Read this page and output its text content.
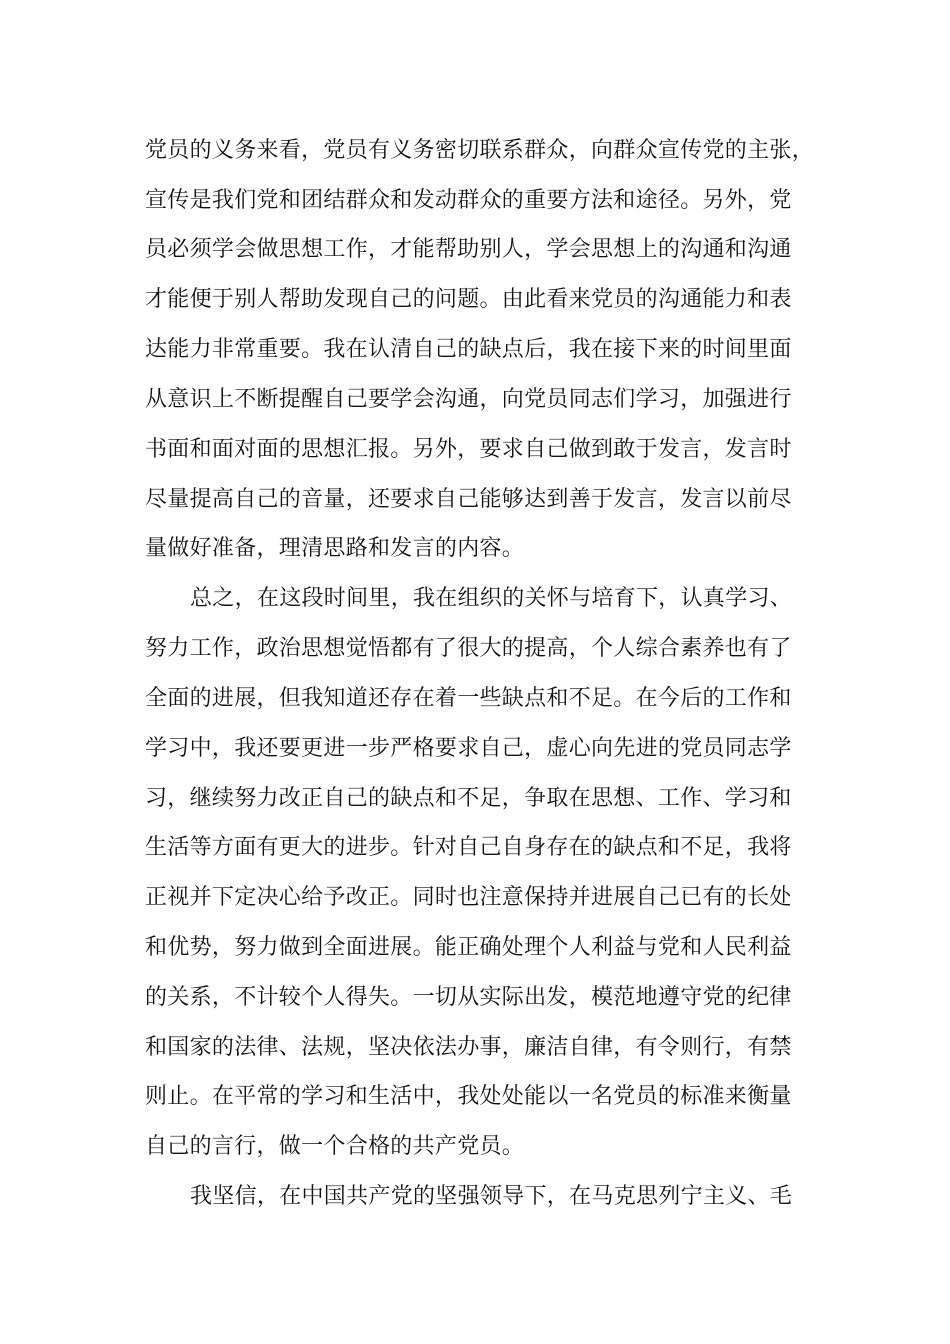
党员的义务来看，党员有义务密切联系群众，向群众宣传党的主张，
宣传是我们党和团结群众和发动群众的重要方法和途径。另外，党
员必须学会做思想工作，才能帮助别人，学会思想上的沟通和沟通
才能便于别人帮助发现自己的问题。由此看来党员的沟通能力和表
达能力非常重要。我在认清自己的缺点后，我在接下来的时间里面
从意识上不断提醒自己要学会沟通，向党员同志们学习，加强进行
书面和面对面的思想汇报。另外，要求自己做到敢于发言，发言时
尽量提高自己的音量，还要求自己能够达到善于发言，发言以前尽
量做好准备，理清思路和发言的内容。
总之，在这段时间里，我在组织的关怀与培育下，认真学习、
努力工作，政治思想觉悟都有了很大的提高，个人综合素养也有了
全面的进展，但我知道还存在着一些缺点和不足。在今后的工作和
学习中，我还要更进一步严格要求自己，虚心向先进的党员同志学
习，继续努力改正自己的缺点和不足，争取在思想、工作、学习和
生活等方面有更大的进步。针对自己自身存在的缺点和不足，我将
正视并下定决心给予改正。同时也注意保持并进展自己已有的长处
和优势，努力做到全面进展。能正确处理个人利益与党和人民利益
的关系，不计较个人得失。一切从实际出发，模范地遵守党的纪律
和国家的法律、法规，坚决依法办事，廉洁自律，有令则行，有禁
则止。在平常的学习和生活中，我处处能以一名党员的标准来衡量
自己的言行，做一个合格的共产党员。
我坚信，在中国共产党的坚强领导下，在马克思列宁主义、毛
